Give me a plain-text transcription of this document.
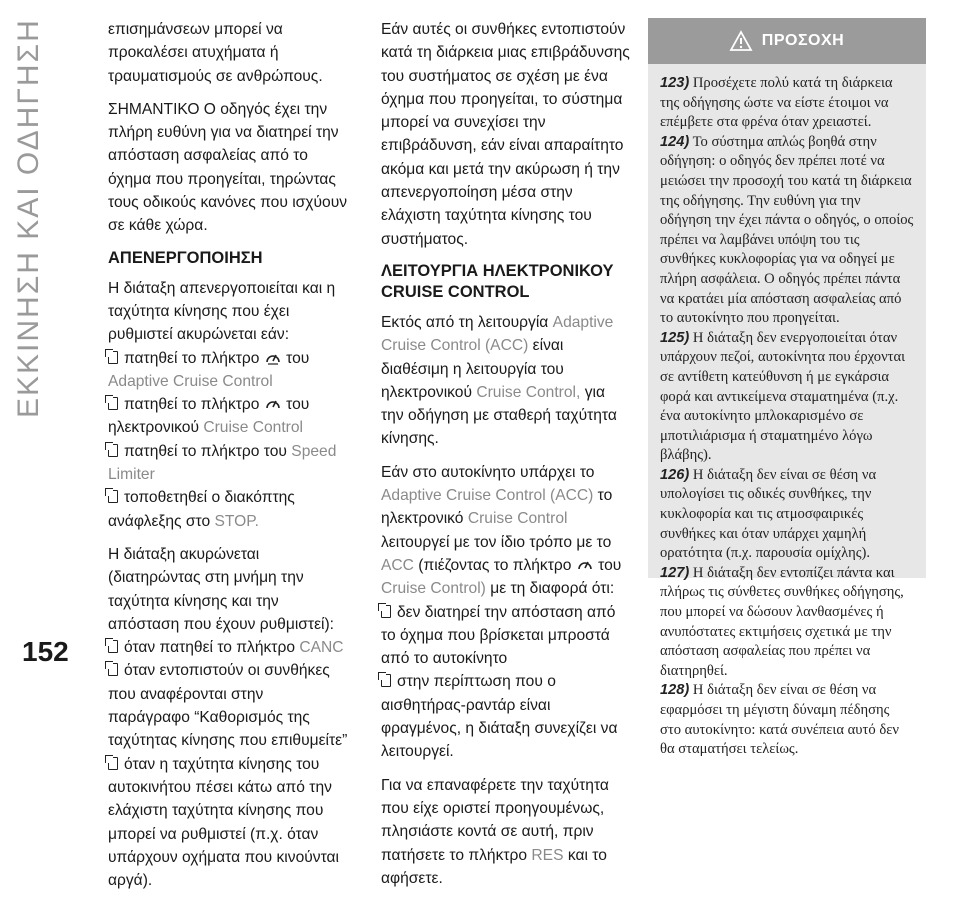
ΕΚΚΙΝΗΣΗ ΚΑΙ ΟΔΗΓΗΣΗ
152

επισημάνσεων μπορεί να προκαλέσει ατυχήματα ή τραυματισμούς σε ανθρώπους.

ΣΗΜΑΝΤΙΚΟ Ο οδηγός έχει την πλήρη ευθύνη για να διατηρεί την απόσταση ασφαλείας από το όχημα που προηγείται, τηρώντας τους οδικούς κανόνες που ισχύουν σε κάθε χώρα.

ΑΠΕΝΕΡΓΟΠΟΙΗΣΗ

Η διάταξη απενεργοποιείται και η ταχύτητα κίνησης που έχει ρυθμιστεί ακυρώνεται εάν:

πατηθεί το πλήκτρο του Adaptive Cruise Control
πατηθεί το πλήκτρο του ηλεκτρονικού Cruise Control
πατηθεί το πλήκτρο του Speed Limiter
τοποθετηθεί ο διακόπτης ανάφλεξης στο STOP.

Η διάταξη ακυρώνεται (διατηρώντας στη μνήμη την ταχύτητα κίνησης και την απόσταση που έχουν ρυθμιστεί):

όταν πατηθεί το πλήκτρο CANC
όταν εντοπιστούν οι συνθήκες που αναφέρονται στην παράγραφο “Καθορισμός της ταχύτητας κίνησης που επιθυμείτε”
όταν η ταχύτητα κίνησης του αυτοκινήτου πέσει κάτω από την ελάχιστη ταχύτητα κίνησης που μπορεί να ρυθμιστεί (π.χ. όταν υπάρχουν οχήματα που κινούνται αργά).

Εάν αυτές οι συνθήκες εντοπιστούν κατά τη διάρκεια μιας επιβράδυνσης του συστήματος σε σχέση με ένα όχημα που προηγείται, το σύστημα μπορεί να συνεχίσει την επιβράδυνση, εάν είναι απαραίτητο ακόμα και μετά την ακύρωση ή την απενεργοποίηση μέσα στην ελάχιστη ταχύτητα κίνησης του συστήματος.

ΛΕΙΤΟΥΡΓΙΑ ΗΛΕΚΤΡΟΝΙΚΟΥ CRUISE CONTROL

Εκτός από τη λειτουργία Adaptive Cruise Control (ACC) είναι διαθέσιμη η λειτουργία του ηλεκτρονικού Cruise Control, για την οδήγηση με σταθερή ταχύτητα κίνησης.

Εάν στο αυτοκίνητο υπάρχει το Adaptive Cruise Control (ACC) το ηλεκτρονικό Cruise Control λειτουργεί με τον ίδιο τρόπο με το ACC (πιέζοντας το πλήκτρο του Cruise Control) με τη διαφορά ότι:

δεν διατηρεί την απόσταση από το όχημα που βρίσκεται μπροστά από το αυτοκίνητο
στην περίπτωση που ο αισθητήρας-ραντάρ είναι φραγμένος, η διάταξη συνεχίζει να λειτουργεί.

Για να επαναφέρετε την ταχύτητα που είχε οριστεί προηγουμένως, πλησιάστε κοντά σε αυτή, πριν πατήσετε το πλήκτρο RES και το αφήσετε.

ΠΡΟΣΟΧΗ

123) Προσέχετε πολύ κατά τη διάρκεια της οδήγησης ώστε να είστε έτοιμοι να επέμβετε στα φρένα όταν χρειαστεί.

124) Το σύστημα απλώς βοηθά στην οδήγηση: ο οδηγός δεν πρέπει ποτέ να μειώσει την προσοχή του κατά τη διάρκεια της οδήγησης. Την ευθύνη για την οδήγηση την έχει πάντα ο οδηγός, ο οποίος πρέπει να λαμβάνει υπόψη του τις συνθήκες κυκλοφορίας για να οδηγεί με πλήρη ασφάλεια. Ο οδηγός πρέπει πάντα να κρατάει μία απόσταση ασφαλείας από το αυτοκίνητο που προηγείται.

125) Η διάταξη δεν ενεργοποιείται όταν υπάρχουν πεζοί, αυτοκίνητα που έρχονται σε αντίθετη κατεύθυνση ή με εγκάρσια φορά και αντικείμενα σταματημένα (π.χ. ένα αυτοκίνητο μπλοκαρισμένο σε μποτιλιάρισμα ή σταματημένο λόγω βλάβης).

126) Η διάταξη δεν είναι σε θέση να υπολογίσει τις οδικές συνθήκες, την κυκλοφορία και τις ατμοσφαιρικές συνθήκες και όταν υπάρχει χαμηλή ορατότητα (π.χ. παρουσία ομίχλης).

127) Η διάταξη δεν εντοπίζει πάντα και πλήρως τις σύνθετες συνθήκες οδήγησης, που μπορεί να δώσουν λανθασμένες ή ανυπόστατες εκτιμήσεις σχετικά με την απόσταση ασφαλείας που πρέπει να διατηρηθεί.

128) Η διάταξη δεν είναι σε θέση να εφαρμόσει τη μέγιστη δύναμη πέδησης στο αυτοκίνητο: κατά συνέπεια αυτό δεν θα σταματήσει τελείως.
